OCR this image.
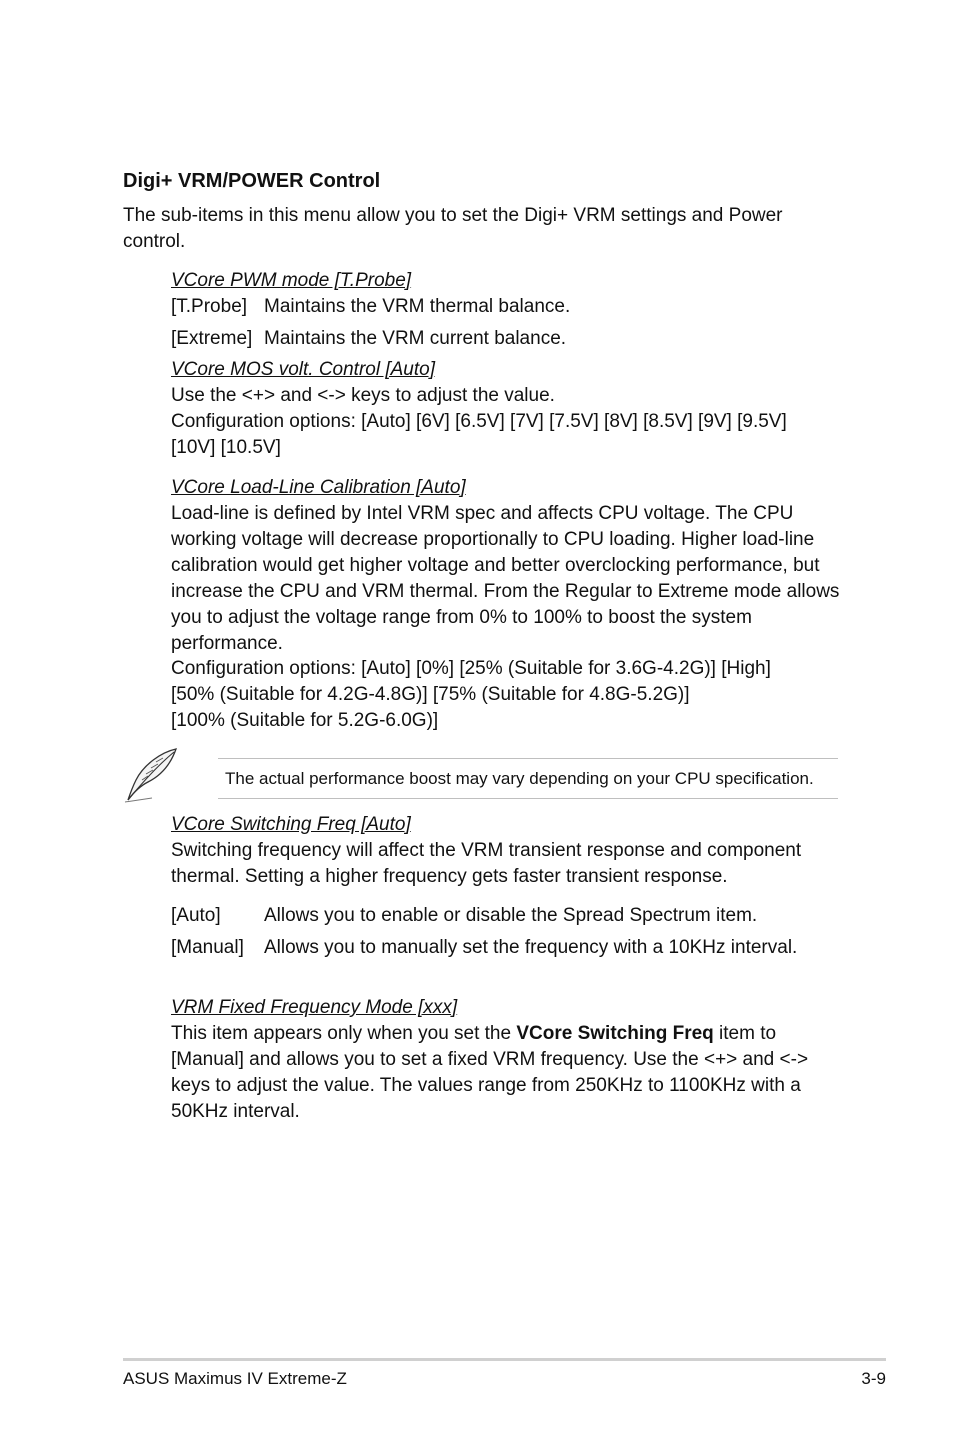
Digi+ VRM/POWER Control
The sub-items in this menu allow you to set the Digi+ VRM settings and Power control.
VCore PWM mode [T.Probe]
[T.Probe] Maintains the VRM thermal balance.
[Extreme] Maintains the VRM current balance.
VCore MOS volt. Control [Auto]
Use the <+> and <-> keys to adjust the value.
Configuration options: [Auto] [6V] [6.5V] [7V] [7.5V] [8V] [8.5V] [9V] [9.5V]
[10V] [10.5V]
VCore Load-Line Calibration [Auto]
Load-line is defined by Intel VRM spec and affects CPU voltage. The CPU working voltage will decrease proportionally to CPU loading. Higher load-line calibration would get higher voltage and better overclocking performance, but increase the CPU and VRM thermal. From the Regular to Extreme mode allows you to adjust the voltage range from 0% to 100% to boost the system performance.
Configuration options: [Auto] [0%] [25% (Suitable for 3.6G-4.2G)] [High]
[50% (Suitable for 4.2G-4.8G)] [75% (Suitable for 4.8G-5.2G)]
[100% (Suitable for 5.2G-6.0G)]
The actual performance boost may vary depending on your CPU specification.
VCore Switching Freq [Auto]
Switching frequency will affect the VRM transient response and component thermal. Setting a higher frequency gets faster transient response.
[Auto] Allows you to enable or disable the Spread Spectrum item.
[Manual] Allows you to manually set the frequency with a 10KHz interval.
VRM Fixed Frequency Mode [xxx]
This item appears only when you set the VCore Switching Freq item to [Manual] and allows you to set a fixed VRM frequency. Use the <+> and <-> keys to adjust the value. The values range from 250KHz to 1100KHz with a 50KHz interval.
ASUS Maximus IV Extreme-Z	3-9
